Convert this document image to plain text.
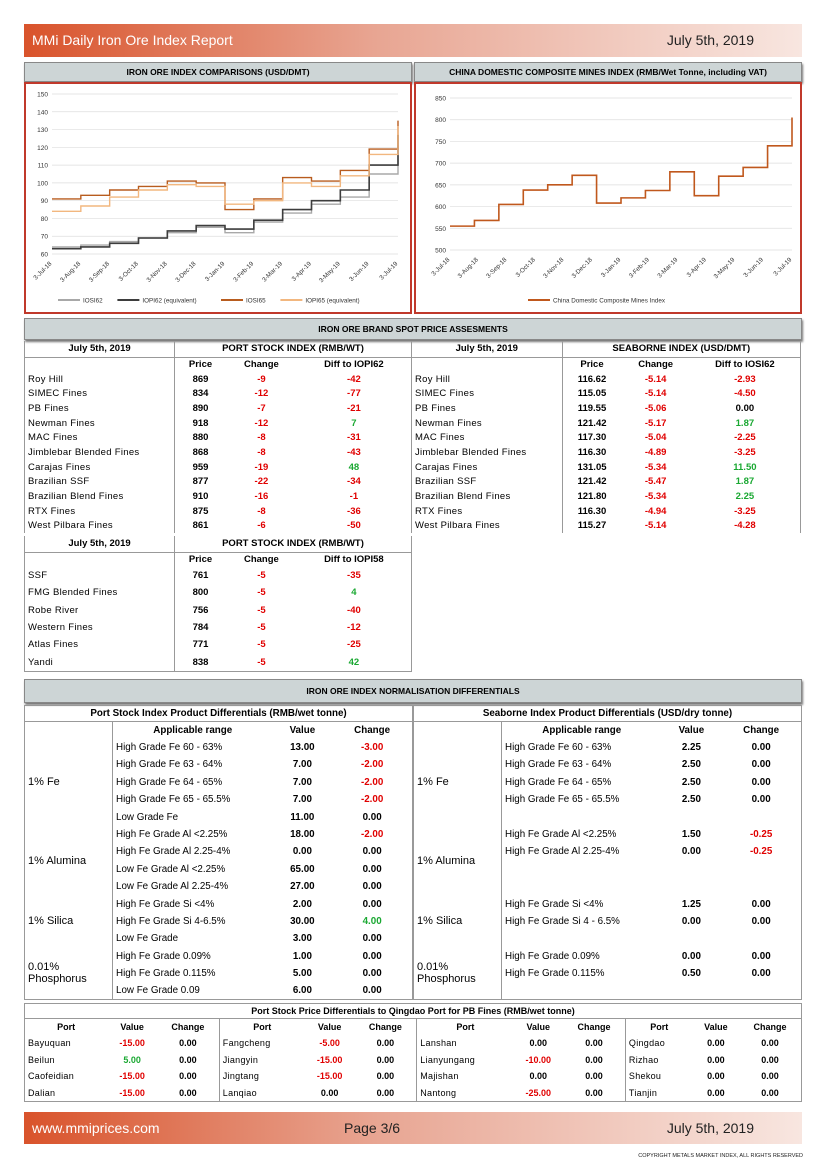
MMi Daily Iron Ore Index Report	July 5th, 2019
IRON ORE INDEX COMPARISONS (USD/DMT)
60
70
80
90
100
110
120
130
140
150
3-Jul-18 3-Aug-18 3-Sep-18 3-Oct-18 3-Nov-18 3-Dec-18 3-Jan-19 3-Feb-19 3-Mar-19 3-Apr-19 3-May-19 3-Jun-19 3-Jul-19
IOSI62	IOPI62 (equivalent)	IOSI65	IOPI65 (equivalent)
CHINA DOMESTIC COMPOSITE MINES INDEX (RMB/Wet Tonne, including VAT)
500
550
600
650
700
750
800
850
3-Jul-18 3-Aug-18 3-Sep-18 3-Oct-18 3-Nov-18 3-Dec-18 3-Jan-19 3-Feb-19 3-Mar-19 3-Apr-19 3-May-19 3-Jun-19 3-Jul-19
China Domestic Composite Mines Index
IRON ORE BRAND SPOT PRICE ASSESMENTS
July 5th, 2019	PORT STOCK INDEX (RMB/WT)		
	Price	Change	Diff to IOPI62
Roy Hill	869	-9	-42
SIMEC Fines	834	-12	-77
PB Fines	890	-7	-21
Newman Fines	918	-12	7
MAC Fines	880	-8	-31
Jimblebar Blended Fines	868	-8	-43
Carajas Fines	959	-19	48
Brazilian SSF	877	-22	-34
Brazilian Blend Fines	910	-16	-1
RTX Fines	875	-8	-36
West Pilbara Fines	861	-6	-50
July 5th, 2019	SEABORNE INDEX (USD/DMT)		
	Price	Change	Diff to IOSI62
Roy Hill	116.62	-5.14	-2.93
SIMEC Fines	115.05	-5.14	-4.50
PB Fines	119.55	-5.06	0.00
Newman Fines	121.42	-5.17	1.87
MAC Fines	117.30	-5.04	-2.25
Jimblebar Blended Fines	116.30	-4.89	-3.25
Carajas Fines	131.05	-5.34	11.50
Brazilian SSF	121.42	-5.47	1.87
Brazilian Blend Fines	121.80	-5.34	2.25
RTX Fines	116.30	-4.94	-3.25
West Pilbara Fines	115.27	-5.14	-4.28
July 5th, 2019	PORT STOCK INDEX (RMB/WT)		
	Price	Change	Diff to IOPI58
SSF	761	-5	-35
FMG Blended Fines	800	-5	4
Robe River	756	-5	-40
Western Fines	784	-5	-12
Atlas Fines	771	-5	-25
Yandi	838	-5	42
IRON ORE INDEX NORMALISATION DIFFERENTIALS
Port Stock Index Product Differentials (RMB/wet tonne)			
	Applicable range	Value	Change
1% Fe	High Grade Fe 60 - 63%	13.00	-3.00
	High Grade Fe 63 - 64%	7.00	-2.00
	High Grade Fe 64 - 65%	7.00	-2.00
	High Grade Fe 65 - 65.5%	7.00	-2.00
	Low Grade Fe	11.00	0.00
1% Alumina	High Fe Grade Al <2.25%	18.00	-2.00
	High Fe Grade Al 2.25-4%	0.00	0.00
	Low Fe Grade Al <2.25%	65.00	0.00
	Low Fe Grade Al 2.25-4%	27.00	0.00
1% Silica	High Fe Grade Si <4%	2.00	0.00
	High Fe Grade Si 4-6.5%	30.00	4.00
	Low Fe Grade	3.00	0.00
0.01% Phosphorus	High Fe Grade 0.09%	1.00	0.00
	High Fe Grade 0.115%	5.00	0.00
	Low Fe Grade 0.09	6.00	0.00
Seaborne Index Product Differentials (USD/dry tonne)			
	Applicable range	Value	Change
1% Fe	High Grade Fe 60 - 63%	2.25	0.00
	High Grade Fe 63 - 64%	2.50	0.00
	High Grade Fe 64 - 65%	2.50	0.00
	High Grade Fe 65 - 65.5%	2.50	0.00

1% Alumina	High Fe Grade Al <2.25%	1.50	-0.25
	High Fe Grade Al 2.25-4%	0.00	-0.25

1% Silica	High Fe Grade Si <4%	1.25	0.00
	High Fe Grade Si 4 - 6.5%	0.00	0.00

0.01% Phosphorus	High Fe Grade 0.09%	0.00	0.00
	High Fe Grade 0.115%	0.50	0.00

Port Stock Price Differentials to Qingdao Port for PB Fines (RMB/wet tonne)											
Port	Value	Change	Port	Value	Change	Port	Value	Change	Port	Value	Change
Bayuquan	-15.00	0.00	Fangcheng	-5.00	0.00	Lanshan	0.00	0.00	Qingdao	0.00	0.00
Beilun	5.00	0.00	Jiangyin	-15.00	0.00	Lianyungang	-10.00	0.00	Rizhao	0.00	0.00
Caofeidian	-15.00	0.00	Jingtang	-15.00	0.00	Majishan	0.00	0.00	Shekou	0.00	0.00
Dalian	-15.00	0.00	Lanqiao	0.00	0.00	Nantong	-25.00	0.00	Tianjin	0.00	0.00
www.mmiprices.com	Page 3/6	July 5th, 2019
COPYRIGHT METALS MARKET INDEX, ALL RIGHTS RESERVED
